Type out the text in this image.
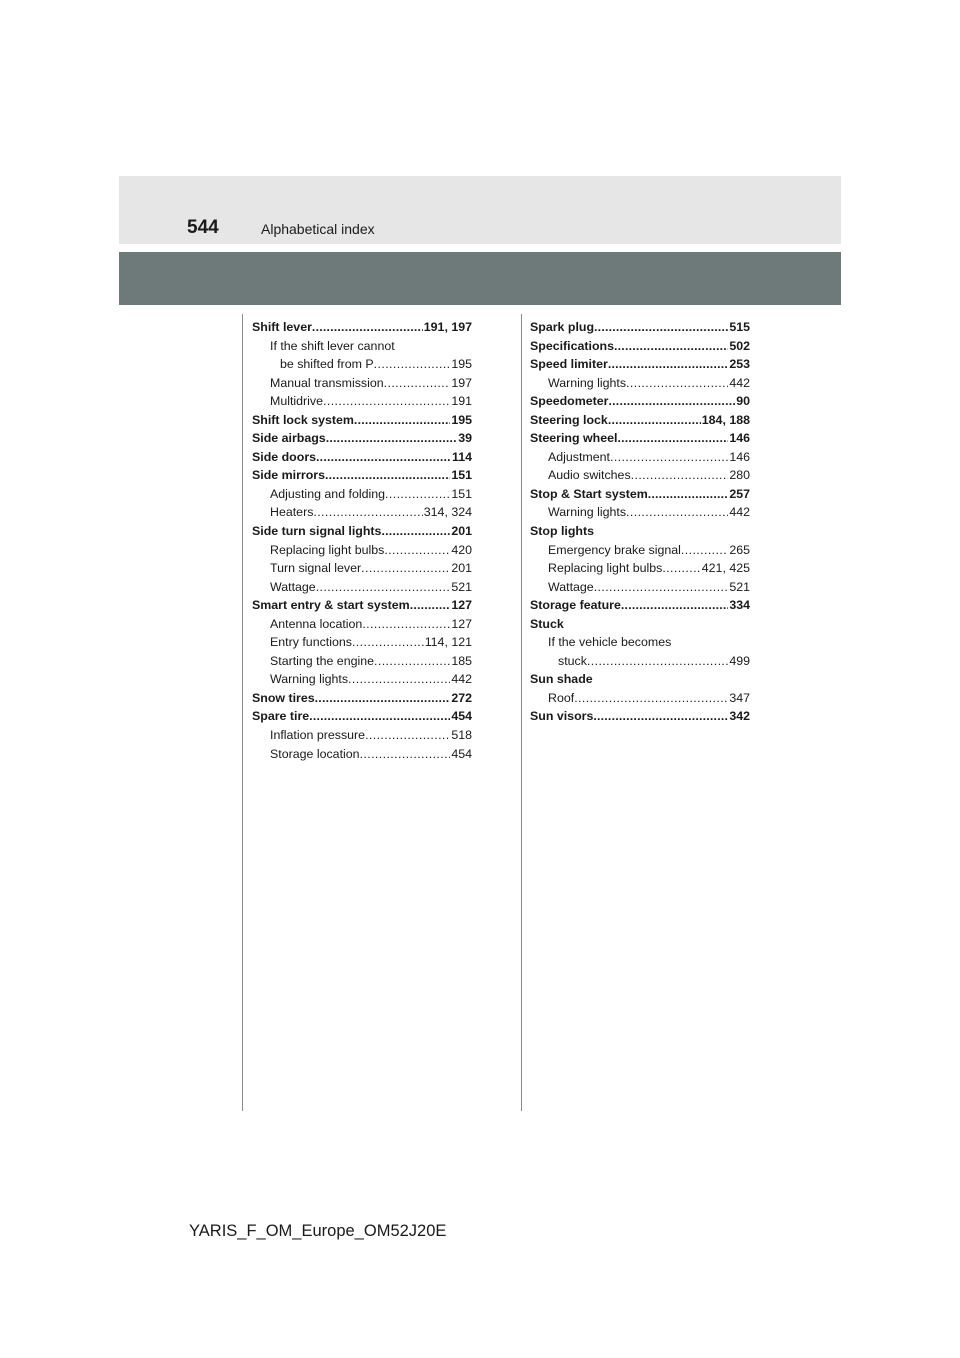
544	Alphabetical index
Shift lever .....	191, 197
If the shift lever cannot
be shifted from P .....	195
Manual transmission .....	197
Multidrive .....	191
Shift lock system .....	195
Side airbags .....	39
Side doors .....	114
Side mirrors .....	151
Adjusting and folding .....	151
Heaters .....	314, 324
Side turn signal lights .....	201
Replacing light bulbs .....	420
Turn signal lever .....	201
Wattage .....	521
Smart entry & start system .....	127
Antenna location .....	127
Entry functions .....	114, 121
Starting the engine .....	185
Warning lights .....	442
Snow tires .....	272
Spare tire .....	454
Inflation pressure .....	518
Storage location .....	454
Spark plug .....	515
Specifications .....	502
Speed limiter .....	253
Warning lights .....	442
Speedometer .....	90
Steering lock .....	184, 188
Steering wheel .....	146
Adjustment .....	146
Audio switches .....	280
Stop & Start system .....	257
Warning lights .....	442
Stop lights
Emergency brake signal .....	265
Replacing light bulbs .....	421, 425
Wattage .....	521
Storage feature .....	334
Stuck
If the vehicle becomes
stuck .....	499
Sun shade
Roof .....	347
Sun visors .....	342
YARIS_F_OM_Europe_OM52J20E
